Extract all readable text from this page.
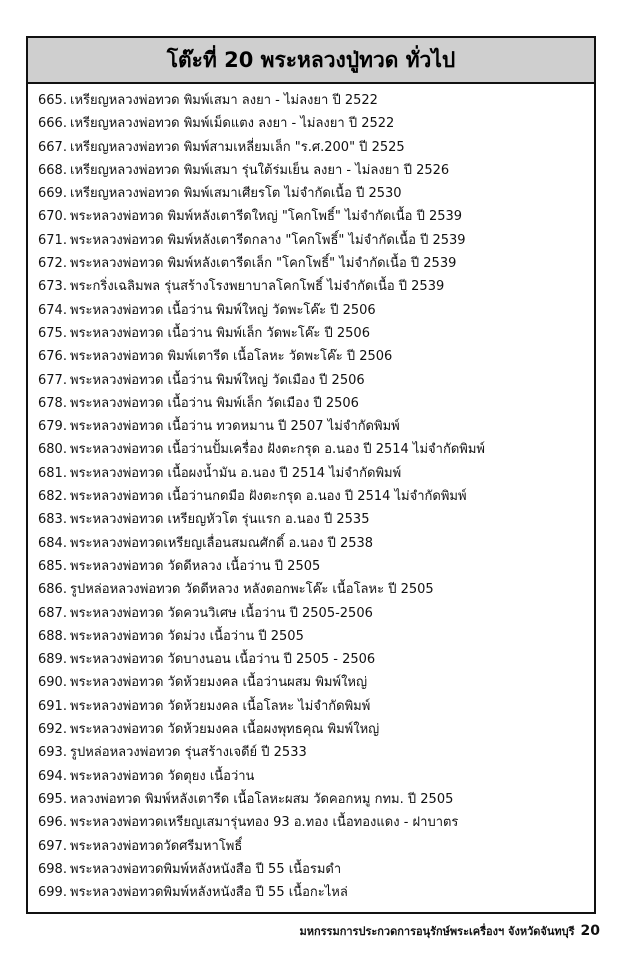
โต๊ะที่ 20 พระหลวงปู่ทวด ทั่วไป
665. เหรียญหลวงพ่อทวด พิมพ์เสมา ลงยา - ไม่ลงยา ปี 2522
666. เหรียญหลวงพ่อทวด พิมพ์เม็ดแตง ลงยา - ไม่ลงยา ปี 2522
667. เหรียญหลวงพ่อทวด พิมพ์สามเหลี่ยมเล็ก "ร.ศ.200" ปี 2525
668. เหรียญหลวงพ่อทวด พิมพ์เสมา รุ่นใต้ร่มเย็น ลงยา - ไม่ลงยา ปี 2526
669. เหรียญหลวงพ่อทวด พิมพ์เสมาเศียรโต ไม่จำกัดเนื้อ ปี 2530
670. พระหลวงพ่อทวด พิมพ์หลังเตารีดใหญ่ "โคกโพธิ์" ไม่จำกัดเนื้อ ปี 2539
671. พระหลวงพ่อทวด พิมพ์หลังเตารีดกลาง "โคกโพธิ์" ไม่จำกัดเนื้อ ปี 2539
672. พระหลวงพ่อทวด พิมพ์หลังเตารีดเล็ก "โคกโพธิ์" ไม่จำกัดเนื้อ ปี 2539
673. พระกริ่งเฉลิมพล รุ่นสร้างโรงพยาบาลโคกโพธิ์ ไม่จำกัดเนื้อ ปี 2539
674. พระหลวงพ่อทวด เนื้อว่าน พิมพ์ใหญ่ วัดพะโค๊ะ ปี 2506
675. พระหลวงพ่อทวด เนื้อว่าน พิมพ์เล็ก วัดพะโค๊ะ ปี 2506
676. พระหลวงพ่อทวด พิมพ์เตารีด เนื้อโลหะ วัดพะโค๊ะ ปี 2506
677. พระหลวงพ่อทวด เนื้อว่าน พิมพ์ใหญ่ วัดเมือง ปี 2506
678. พระหลวงพ่อทวด เนื้อว่าน พิมพ์เล็ก วัดเมือง ปี 2506
679. พระหลวงพ่อทวด เนื้อว่าน ทวดหมาน ปี 2507 ไม่จำกัดพิมพ์
680. พระหลวงพ่อทวด เนื้อว่านปั้มเครื่อง ฝังตะกรุด อ.นอง ปี 2514 ไม่จำกัดพิมพ์
681. พระหลวงพ่อทวด เนื้อผงน้ำมัน อ.นอง ปี 2514 ไม่จำกัดพิมพ์
682. พระหลวงพ่อทวด เนื้อว่านกดมือ ฝังตะกรุด อ.นอง ปี 2514 ไม่จำกัดพิมพ์
683. พระหลวงพ่อทวด เหรียญหัวโต รุ่นแรก อ.นอง ปี 2535
684. พระหลวงพ่อทวดเหรียญเลื่อนสมณศักดิ์ อ.นอง ปี 2538
685. พระหลวงพ่อทวด วัดดีหลวง เนื้อว่าน ปี 2505
686. รูปหล่อหลวงพ่อทวด วัดดีหลวง หลังตอกพะโค๊ะ เนื้อโลหะ ปี 2505
687. พระหลวงพ่อทวด วัดควนวิเศษ เนื้อว่าน ปี 2505-2506
688. พระหลวงพ่อทวด วัดม่วง เนื้อว่าน ปี 2505
689. พระหลวงพ่อทวด วัดบางนอน เนื้อว่าน ปี 2505 - 2506
690. พระหลวงพ่อทวด วัดห้วยมงคล เนื้อว่านผสม พิมพ์ใหญ่
691. พระหลวงพ่อทวด วัดห้วยมงคล เนื้อโลหะ ไม่จำกัดพิมพ์
692. พระหลวงพ่อทวด วัดห้วยมงคล เนื้อผงพุทธคุณ พิมพ์ใหญ่
693. รูปหล่อหลวงพ่อทวด รุ่นสร้างเจดีย์ ปี 2533
694. พระหลวงพ่อทวด วัดตุยง เนื้อว่าน
695. หลวงพ่อทวด พิมพ์หลังเตารีด เนื้อโลหะผสม วัดคอกหมู กทม. ปี 2505
696. พระหลวงพ่อทวดเหรียญเสมารุ่นทอง 93 อ.ทอง เนื้อทองแดง - ฝาบาตร
697. พระหลวงพ่อทวดวัดศรีมหาโพธิ์
698. พระหลวงพ่อทวดพิมพ์หลังหนังสือ ปี 55 เนื้อรมดำ
699. พระหลวงพ่อทวดพิมพ์หลังหนังสือ ปี 55 เนื้อกะไหล่
มหกรรมการประกวดการอนุรักษ์พระเครื่องฯ จังหวัดจันทบุรี 20
